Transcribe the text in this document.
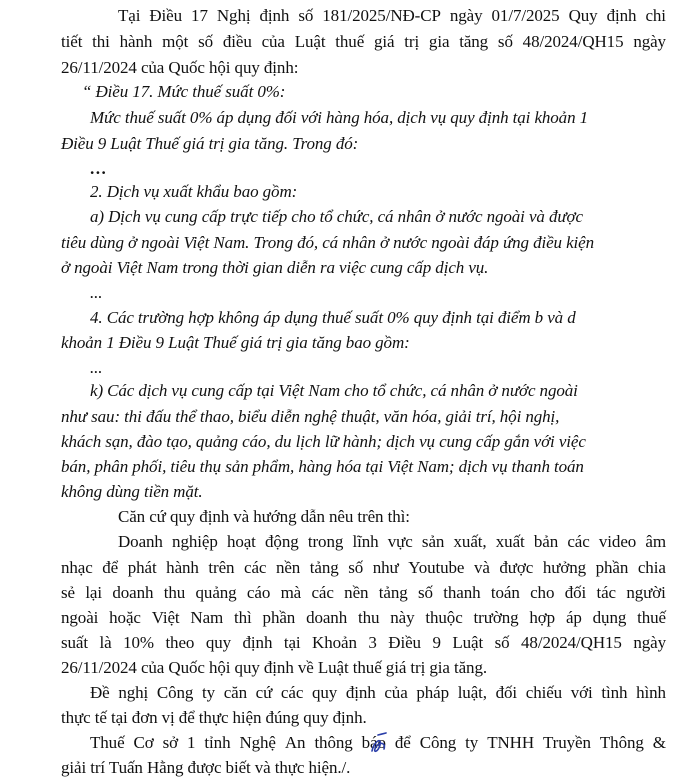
Tại Điều 17 Nghị định số 181/2025/NĐ-CP ngày 01/7/2025 Quy định chi
tiết thi hành một số điều của Luật thuế giá trị gia tăng số 48/2024/QH15 ngày
26/11/2024 của Quốc hội quy định:
“ Điều 17. Mức thuế suất 0%:
Mức thuế suất 0% áp dụng đối với hàng hóa, dịch vụ quy định tại khoản 1
Điều 9 Luật Thuế giá trị gia tăng. Trong đó:
…
2. Dịch vụ xuất khẩu bao gồm:
a) Dịch vụ cung cấp trực tiếp cho tổ chức, cá nhân ở nước ngoài và được
tiêu dùng ở ngoài Việt Nam. Trong đó, cá nhân ở nước ngoài đáp ứng điều kiện
ở ngoài Việt Nam trong thời gian diễn ra việc cung cấp dịch vụ.
...
4. Các trường hợp không áp dụng thuế suất 0% quy định tại điểm b và d
khoản 1 Điều 9 Luật Thuế giá trị gia tăng bao gồm:
...
k) Các dịch vụ cung cấp tại Việt Nam cho tổ chức, cá nhân ở nước ngoài
như sau: thi đấu thể thao, biểu diễn nghệ thuật, văn hóa, giải trí, hội nghị,
khách sạn, đào tạo, quảng cáo, du lịch lữ hành; dịch vụ cung cấp gắn với việc
bán, phân phối, tiêu thụ sản phẩm, hàng hóa tại Việt Nam; dịch vụ thanh toán
không dùng tiền mặt.
Căn cứ quy định và hướng dẫn nêu trên thì:
Doanh nghiệp hoạt động trong lĩnh vực sản xuất, xuất bản các video âm
nhạc để phát hành trên các nền tảng số như Youtube và được hưởng phần chia
sẻ lại doanh thu quảng cáo mà các nền tảng số thanh toán cho đối tác người
ngoài hoặc Việt Nam thì phần doanh thu này thuộc trường hợp áp dụng thuế
suất là 10% theo quy định tại Khoản 3 Điều 9 Luật số 48/2024/QH15 ngày
26/11/2024 của Quốc hội quy định về Luật thuế giá trị gia tăng.
Đề nghị Công ty căn cứ các quy định của pháp luật, đối chiếu với tình hình
thực tế tại đơn vị để thực hiện đúng quy định.
Thuế Cơ sở 1 tỉnh Nghệ An thông báo để Công ty TNHH Truyền Thông &
giải trí Tuấn Hằng được biết và thực hiện./.
